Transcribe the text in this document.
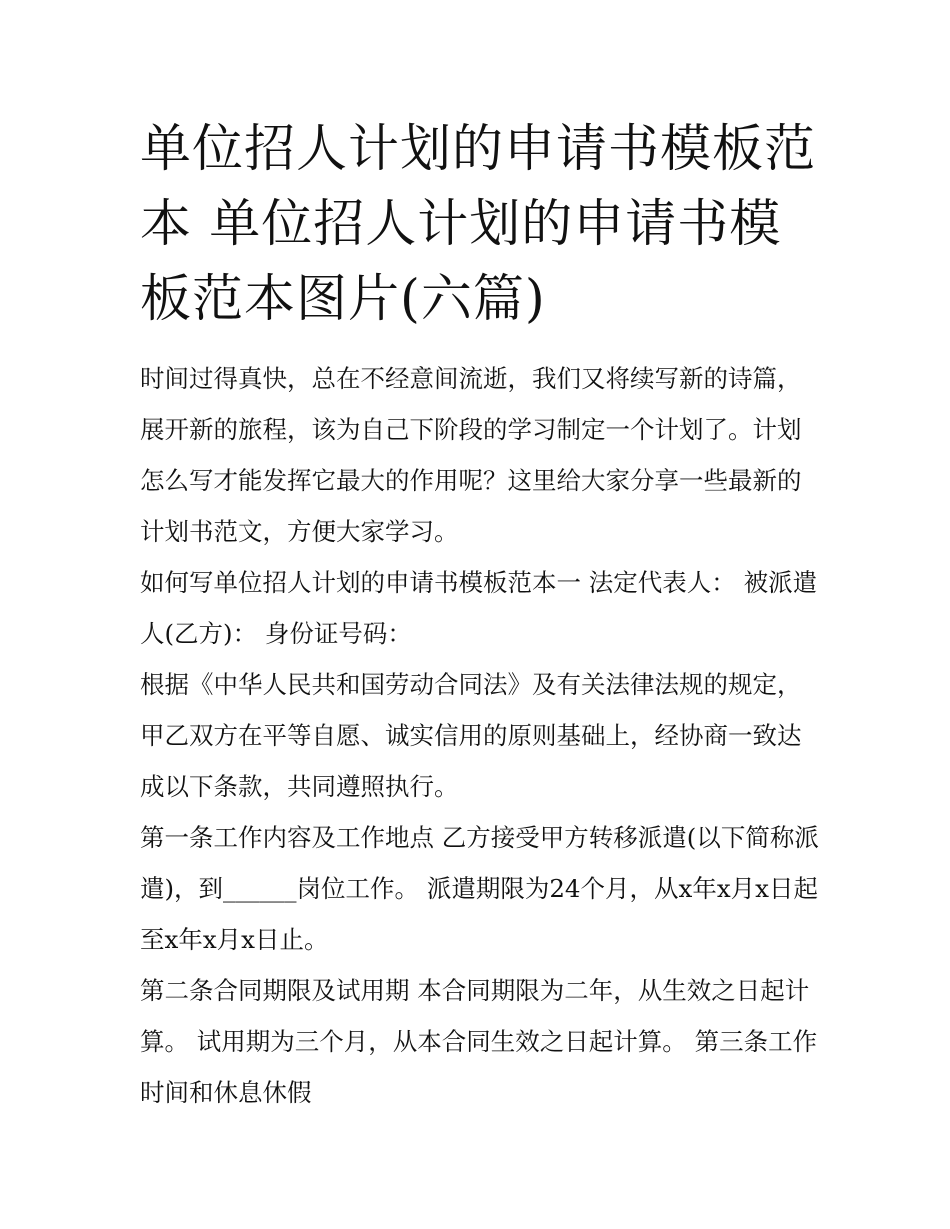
单位招人计划的申请书模板范本 单位招人计划的申请书模板范本图片(六篇)

时间过得真快，总在不经意间流逝，我们又将续写新的诗篇，展开新的旅程，该为自己下阶段的学习制定一个计划了。计划怎么写才能发挥它最大的作用呢？这里给大家分享一些最新的计划书范文，方便大家学习。

如何写单位招人计划的申请书模板范本一 法定代表人： 被派遣人(乙方)： 身份证号码：

根据《中华人民共和国劳动合同法》及有关法律法规的规定，甲乙双方在平等自愿、诚实信用的原则基础上，经协商一致达成以下条款，共同遵照执行。

第一条工作内容及工作地点 乙方接受甲方转移派遣(以下简称派遣)，到______岗位工作。 派遣期限为24个月，从x年x月x日起至x年x月x日止。

第二条合同期限及试用期 本合同期限为二年，从生效之日起计算。 试用期为三个月，从本合同生效之日起计算。 第三条工作时间和休息休假
